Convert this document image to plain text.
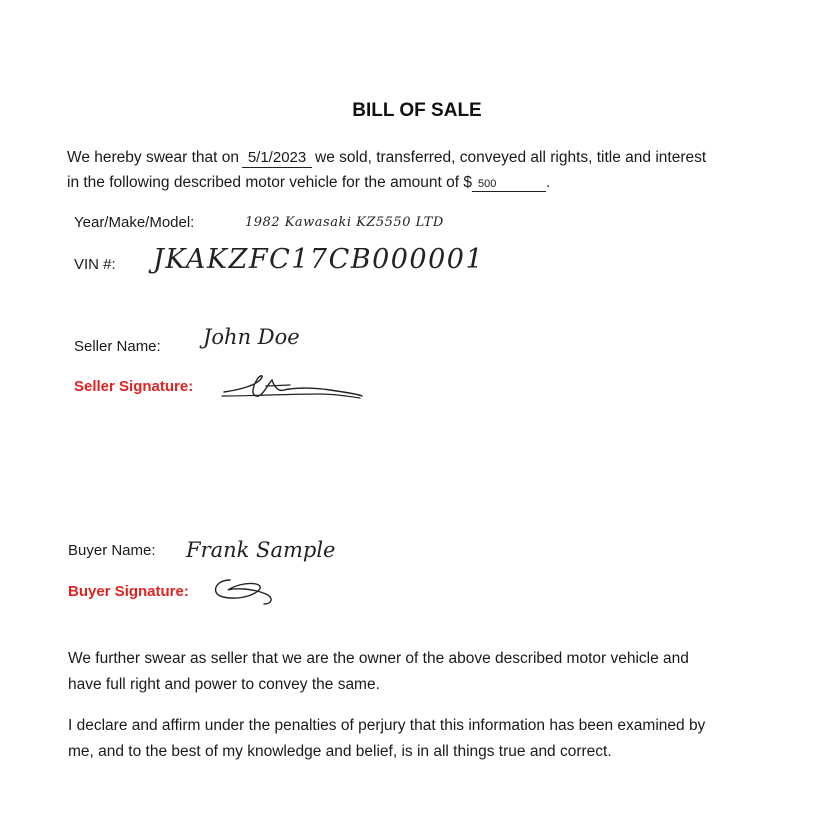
BILL OF SALE
We hereby swear that on 5/1/2023 we sold, transferred, conveyed all rights, title and interest
in the following described motor vehicle for the amount of $ 500	.
Year/Make/Model:	1982 Kawasaki KZ5550 LTD
VIN #: JKAKZFC17CB000001
Seller Name: John Doe
Seller Signature:
Buyer Name: Frank Sample
Buyer Signature:
We further swear as seller that we are the owner of the above described motor vehicle and
have full right and power to convey the same.
I declare and affirm under the penalties of perjury that this information has been examined by
me, and to the best of my knowledge and belief, is in all things true and correct.
